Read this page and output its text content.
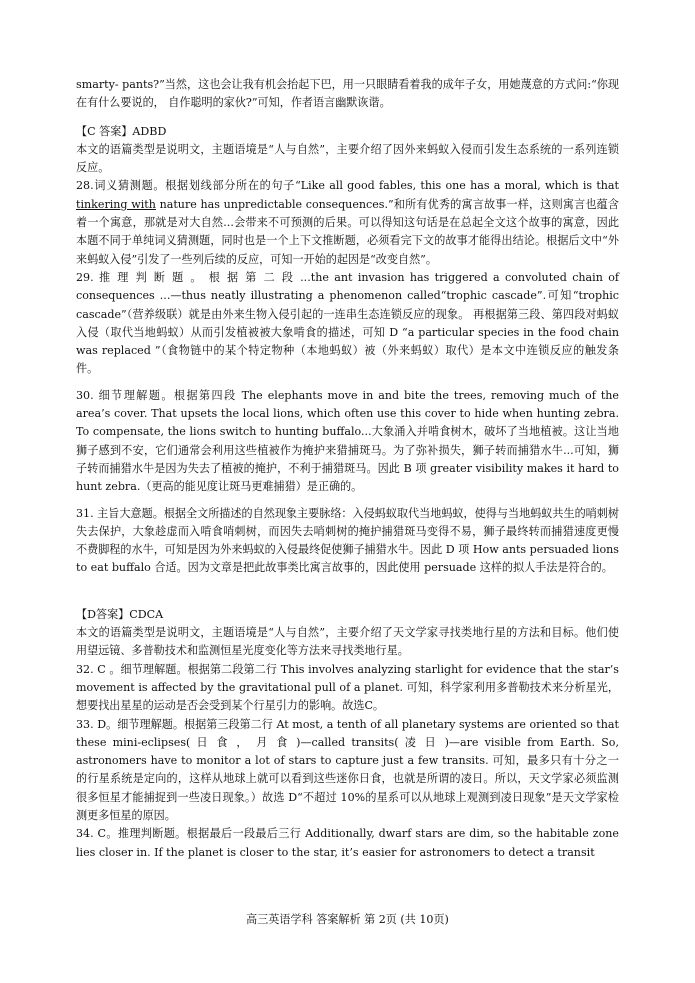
smarty- pants?”当然，这也会让我有机会抬起下巴，用一只眼睛看着我的成年子女，用她蔑意的方式问:“你现在有什么要说的， 自作聪明的家伙?”可知，作者语言幽默诙谐。

【C 答案】ADBD

本文的语篇类型是说明文，主题语境是“人与自然”，主要介绍了因外来蚂蚁入侵而引发生态系统的一系列连锁反应。

28.词义猜测题。根据划线部分所在的句子“Like all good fables, this one has a moral, which is that tinkering with nature has unpredictable consequences.”和所有优秀的寓言故事一样，这则寓言也蕴含着一个寓意，那就是对大自然...会带来不可预测的后果。可以得知这句话是在总起全文这个故事的寓意，因此本题不同于单纯词义猜测题，同时也是一个上下文推断题，必须看完下文的故事才能得出结论。根据后文中“外来蚂蚁入侵”引发了一些列后续的反应，可知一开始的起因是“改变自然”。

29. 推 理 判 断 题 。 根 据 第 二 段 ...the ant invasion has triggered a convoluted chain of consequences ...—thus neatly illustrating a phenomenon called“trophic cascade”.可知“trophic cascade”（营养级联）就是由外来生物入侵引起的一连串生态连锁反应的现象。 再根据第三段、第四段对蚂蚁入侵（取代当地蚂蚁）从而引发植被被大象啃食的描述，可知 D “a particular species in the food chain was replaced ”（食物链中的某个特定物种（本地蚂蚁）被（外来蚂蚁）取代）是本文中连锁反应的触发条件。

30. 细节理解题。根据第四段 The elephants move in and bite the trees, removing much of the area’s cover. That upsets the local lions, which often use this cover to hide when hunting zebra. To compensate, the lions switch to hunting buffalo...大象涌入并啃食树木，破坏了当地植被。这让当地狮子感到不安，它们通常会利用这些植被作为掩护来猎捕斑马。为了弥补损失，狮子转而捕猎水牛...可知，狮子转而捕猎水牛是因为失去了植被的掩护，不利于捕猎斑马。因此 B 项 greater visibility makes it hard to hunt zebra.（更高的能见度让斑马更难捕猎）是正确的。

31. 主旨大意题。根据全文所描述的自然现象主要脉络：入侵蚂蚁取代当地蚂蚁，使得与当地蚂蚁共生的哨刺树失去保护，大象趁虚而入啃食哨刺树，而因失去哨刺树的掩护捕猎斑马变得不易，狮子最终转而捕猎速度更慢不费脚程的水牛，可知是因为外来蚂蚁的入侵最终促使狮子捕猎水牛。因此 D 项 How ants persuaded lions to eat buffalo 合适。因为文章是把此故事类比寓言故事的，因此使用 persuade 这样的拟人手法是符合的。

【D答案】CDCA

本文的语篇类型是说明文，主题语境是“人与自然”，主要介绍了天文学家寻找类地行星的方法和目标。他们使用望远镜、多普勒技术和监测恒星光度变化等方法来寻找类地行星。

32. C 。细节理解题。根据第二段第二行 This involves analyzing starlight for evidence that the star’s movement is affected by the gravitational pull of a planet. 可知，科学家利用多普勒技术来分析星光，想要找出星星的运动是否会受到某个行星引力的影响。故选C。

33. D。细节理解题。根据第三段第二行 At most, a tenth of all planetary systems are oriented so that these mini-eclipses( 日 食 ， 月 食 )—called transits( 凌 日 )—are visible from Earth. So, astronomers have to monitor a lot of stars to capture just a few transits. 可知，最多只有十分之一的行星系统是定向的，这样从地球上就可以看到这些迷你日食，也就是所谓的凌日。所以，天文学家必须监测很多恒星才能捕捉到一些凌日现象。）故选 D“不超过 10%的星系可以从地球上观测到凌日现象”是天文学家检测更多恒星的原因。

34. C。推理判断题。根据最后一段最后三行 Additionally, dwarf stars are dim, so the habitable zone lies closer in. If the planet is closer to the star, it’s easier for astronomers to detect a transit

高三英语学科 答案解析 第 2页 (共 10页)
